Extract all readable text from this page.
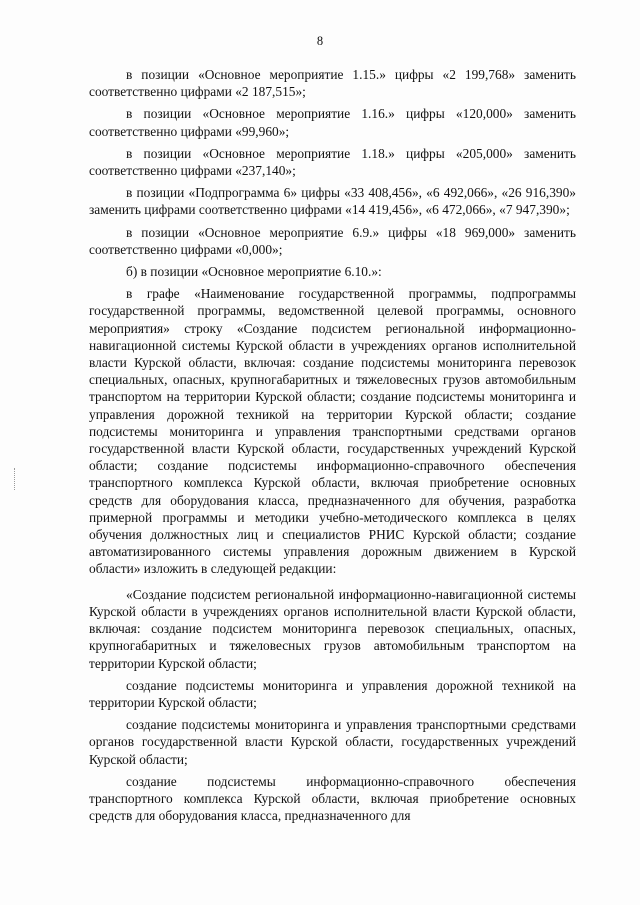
8

в позиции «Основное мероприятие 1.15.» цифры «2 199,768» заменить соответственно цифрами «2 187,515»;

в позиции «Основное мероприятие 1.16.» цифры «120,000» заменить соответственно цифрами «99,960»;

в позиции «Основное мероприятие 1.18.» цифры «205,000» заменить соответственно цифрами «237,140»;

в позиции «Подпрограмма 6» цифры «33 408,456», «6 492,066», «26 916,390» заменить цифрами соответственно цифрами «14 419,456», «6 472,066», «7 947,390»;

в позиции «Основное мероприятие 6.9.» цифры «18 969,000» заменить соответственно цифрами «0,000»;

б) в позиции «Основное мероприятие 6.10.»:

в графе «Наименование государственной программы, подпрограммы государственной программы, ведомственной целевой программы, основного мероприятия» строку «Создание подсистем региональной информационно-навигационной системы Курской области в учреждениях органов исполнительной власти Курской области, включая: создание подсистемы мониторинга перевозок специальных, опасных, крупногабаритных и тяжеловесных грузов автомобильным транспортом на территории Курской области; создание подсистемы мониторинга и управления дорожной техникой на территории Курской области; создание подсистемы мониторинга и управления транспортными средствами органов государственной власти Курской области, государственных учреждений Курской области; создание подсистемы информационно-справочного обеспечения транспортного комплекса Курской области, включая приобретение основных средств для оборудования класса, предназначенного для обучения, разработка примерной программы и методики учебно-методического комплекса в целях обучения должностных лиц и специалистов РНИС Курской области; создание автоматизированного системы управления дорожным движением в Курской области» изложить в следующей редакции:

«Создание подсистем региональной информационно-навигационной системы Курской области в учреждениях органов исполнительной власти Курской области, включая: создание подсистем мониторинга перевозок специальных, опасных, крупногабаритных и тяжеловесных грузов автомобильным транспортом на территории Курской области;

создание подсистемы мониторинга и управления дорожной техникой на территории Курской области;

создание подсистемы мониторинга и управления транспортными средствами органов государственной власти Курской области, государственных учреждений Курской области;

создание подсистемы информационно-справочного обеспечения транспортного комплекса Курской области, включая приобретение основных средств для оборудования класса, предназначенного для
